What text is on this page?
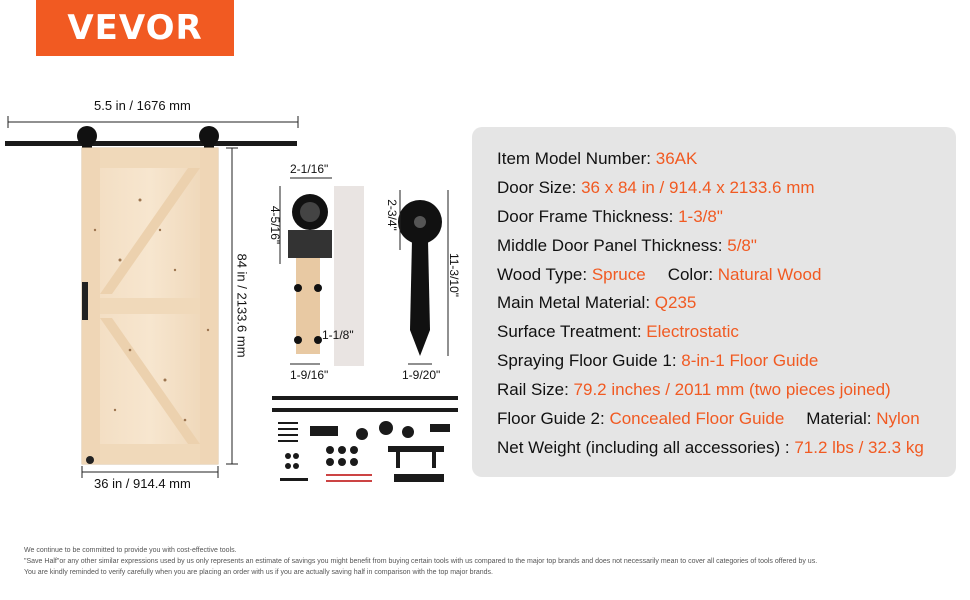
VEVOR
5.5 in / 1676 mm
84 in / 2133.6 mm
36 in / 914.4 mm
2-1/16"
4-5/16"
1-1/8"
1-9/16"
2-3/4"
11-3/10"
1-9/20"
Item Model Number: 36AK
Door Size: 36 x 84 in / 914.4 x 2133.6 mm
Door Frame Thickness: 1-3/8"
Middle Door Panel Thickness: 5/8"
Wood Type: Spruce Color: Natural Wood
Main Metal Material: Q235
Surface Treatment: Electrostatic
Spraying Floor Guide 1: 8-in-1 Floor Guide
Rail Size: 79.2 inches / 2011 mm (two pieces joined)
Floor Guide 2: Concealed Floor Guide Material: Nylon
Net Weight (including all accessories) : 71.2 lbs / 32.3 kg
We continue to be committed to provide you with cost-effective tools.
"Save Half"or any other similar expressions used by us only represents an estimate of savings you might benefit from buying certain tools with us compared to the major top brands and does not necessarily mean to cover all categories of tools offered by us.
You are kindly reminded to verify carefully when you are placing an order with us if you are actually saving half in comparison with the top major brands.
